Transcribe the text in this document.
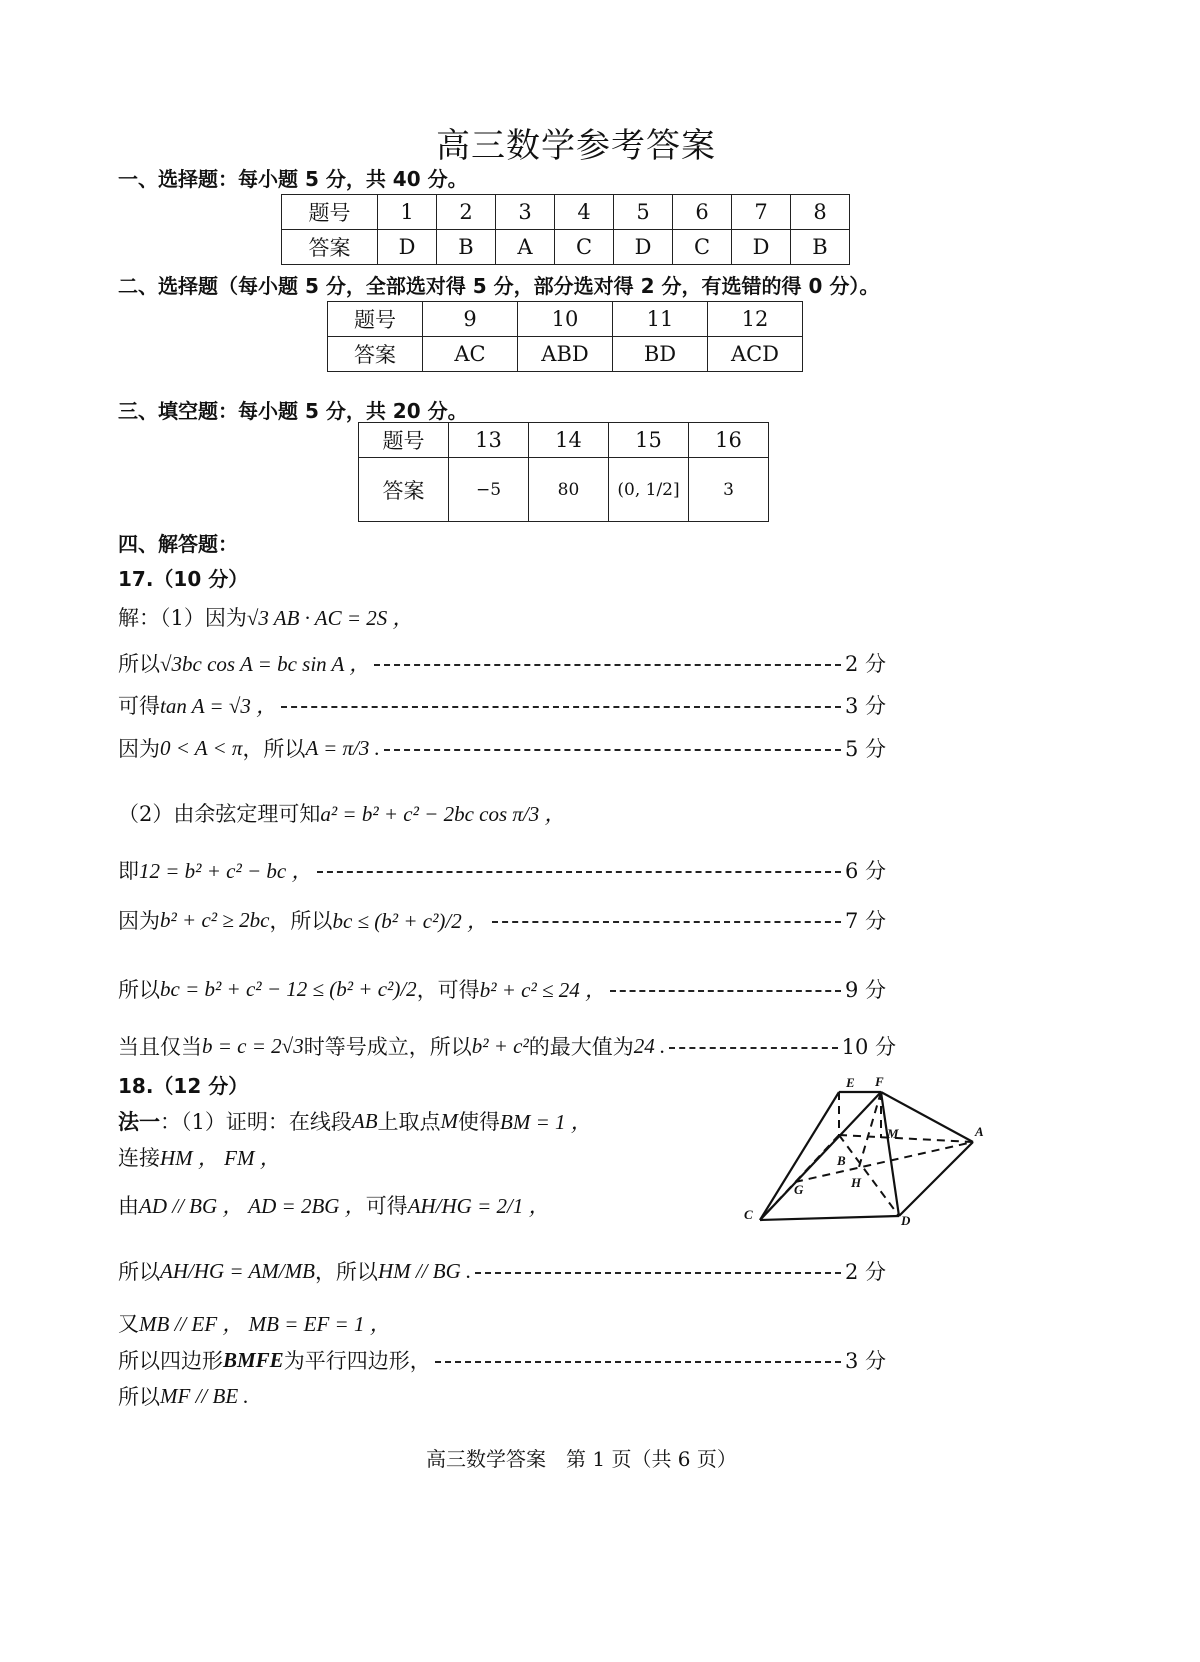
高三数学参考答案
一、选择题：每小题 5 分，共 40 分。
题号	1	2	3	4	5	6	7	8
答案	D	B	A	C	D	C	D	B
二、选择题（每小题 5 分，全部选对得 5 分，部分选对得 2 分，有选错的得 0 分）。
题号	9	10	11	12
答案	AC	ABD	BD	ACD
三、填空题：每小题 5 分，共 20 分。
题号	13	14	15	16
答案	−5	80	(0, 1/2]	3
四、解答题：
17.（10 分）
解：（1）因为 √3 AB · AC = 2S ，
所以 √3bc cos A = bc sin A ，	2 分
可得 tan A = √3 ，	3 分
因为 0 < A < π ，所以 A = π/3 .	5 分
（2）由余弦定理可知 a² = b² + c² − 2bc cos π/3 ，
即 12 = b² + c² − bc ，	6 分
因为 b² + c² ≥ 2bc ，所以 bc ≤ (b² + c²)/2 ，	7 分
所以 bc = b² + c² − 12 ≤ (b² + c²)/2 ，可得 b² + c² ≤ 24 ，	9 分
当且仅当 b = c = 2√3 时等号成立，所以 b² + c² 的最大值为 24 .	10 分
18.（12 分）
法一 ：（1）证明：在线段 AB 上取点 M 使得 BM = 1 ，
连接 HM ， FM ，
由 AD // BG ， AD = 2BG ， 可得 AH/HG = 2/1 ，
所以 AH/HG = AM/MB ，所以 HM // BG .	2 分
又 MB // EF ， MB = EF = 1 ，
所以四边形 BMFE 为平行四边形，	3 分
所以 MF // BE .
E F
A
M
B
H
G
C	D
高三数学答案　第 1 页（共 6 页）
